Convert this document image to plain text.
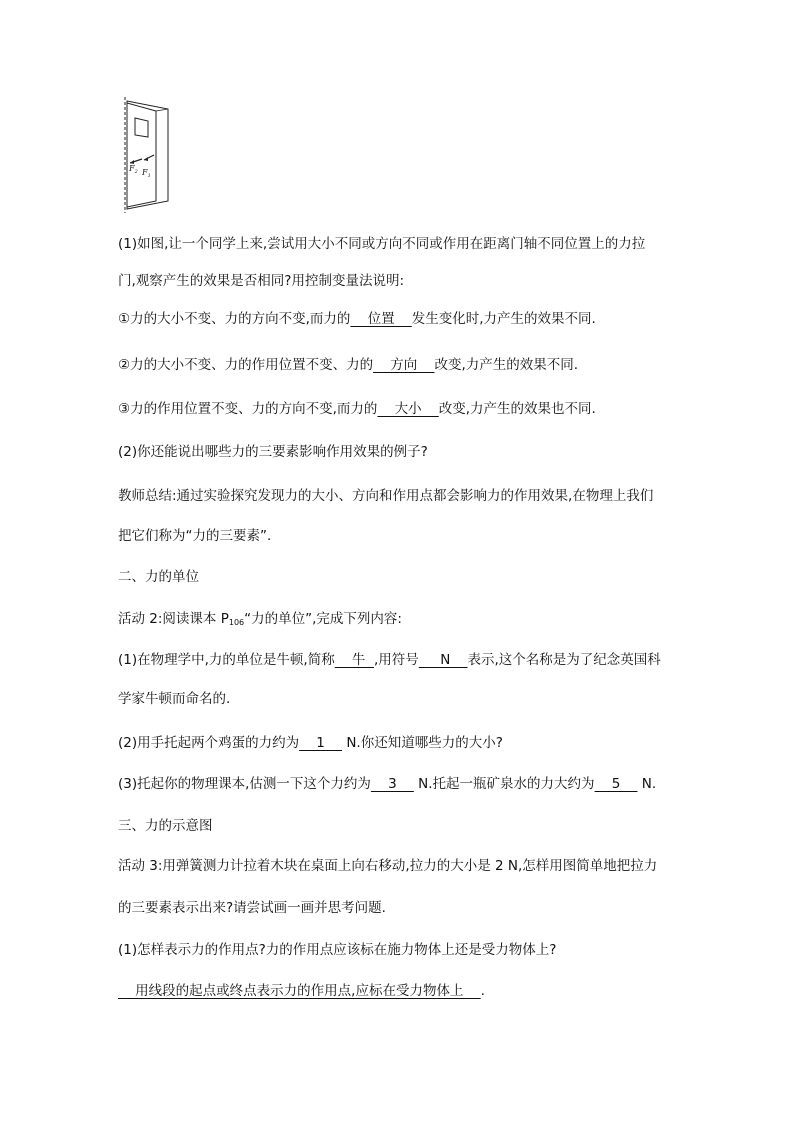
$F_2$ $F_1$
(1)如图,让一个同学上来,尝试用大小不同或方向不同或作用在距离门轴不同位置上的力拉
门,观察产生的效果是否相同?用控制变量法说明:
①力的大小不变、力的方向不变,而力的    位置    发生变化时,力产生的效果不同.
②力的大小不变、力的作用位置不变、力的    方向    改变,力产生的效果不同.
③力的作用位置不变、力的方向不变,而力的    大小    改变,力产生的效果也不同.
(2)你还能说出哪些力的三要素影响作用效果的例子?
教师总结:通过实验探究发现力的大小、方向和作用点都会影响力的作用效果,在物理上我们
把它们称为“力的三要素”.
二、力的单位
活动 2:阅读课本 $P_{106}“$力的单位”,完成下列内容:
(1)在物理学中,力的单位是牛顿,简称    牛  ,用符号     N    表示,这个名称是为了纪念英国科
学家牛顿而命名的.
(2)用手托起两个鸡蛋的力约为    1     N.你还知道哪些力的大小?
(3)托起你的物理课本,估测一下这个力约为    3     N.托起一瓶矿泉水的力大约为    5     N.
三、力的示意图
活动 3:用弹簧测力计拉着木块在桌面上向右移动,拉力的大小是 2 N,怎样用图简单地把拉力
的三要素表示出来?请尝试画一画并思考问题.
(1)怎样表示力的作用点?力的作用点应该标在施力物体上还是受力物体上?
用线段的起点或终点表示力的作用点,应标在受力物体上    .
